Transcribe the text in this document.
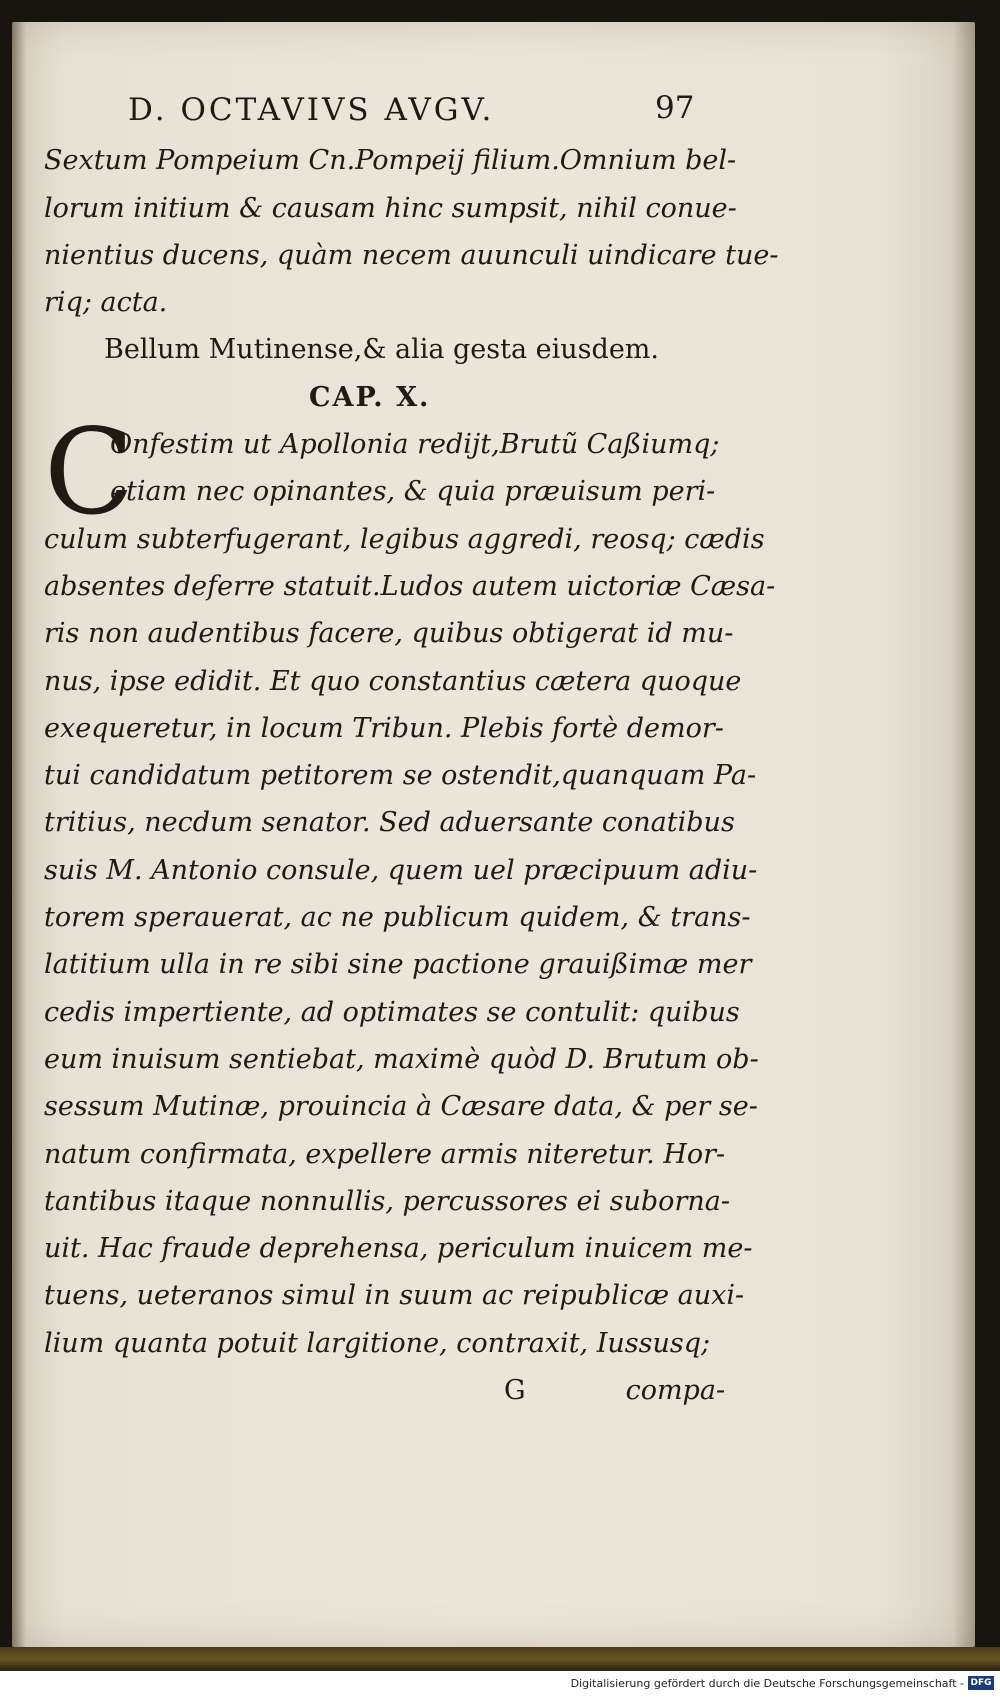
D. OCTAVIVS AVGV.	97
Sextum Pompeium Cn.Pompeij filium.Omnium bel-
lorum initium & causam hinc sumpsit, nihil conue-
nientius ducens, quàm necem auunculi uindicare tue-
riq; acta.
Bellum Mutinense,& alia gesta eiusdem.
CAP. X.
Onfestim ut Apollonia redijt,Brutũ Caßiumq;
etiam nec opinantes, & quia præuisum peri-
culum subterfugerant, legibus aggredi, reosq; cædis
absentes deferre statuit.Ludos autem uictoriæ Cæsa-
ris non audentibus facere, quibus obtigerat id mu-
nus, ipse edidit. Et quo constantius cætera quoque
exequeretur, in locum Tribun. Plebis fortè demor-
tui candidatum petitorem se ostendit,quanquam Pa-
tritius, necdum senator. Sed aduersante conatibus
suis M. Antonio consule, quem uel præcipuum adiu-
torem sperauerat, ac ne publicum quidem, & trans-
latitium ulla in re sibi sine pactione grauißimæ mer
cedis impertiente, ad optimates se contulit: quibus
eum inuisum sentiebat, maximè quòd D. Brutum ob-
sessum Mutinæ, prouincia à Cæsare data, & per se-
natum confirmata, expellere armis niteretur. Hor-
tantibus itaque nonnullis, percussores ei suborna-
uit. Hac fraude deprehensa, periculum inuicem me-
tuens, ueteranos simul in suum ac reipublicæ auxi-
lium quanta potuit largitione, contraxit, Iussusq;
G	compa-
C
Digitalisierung gefördert durch die Deutsche Forschungsgemeinschaft - DFG
